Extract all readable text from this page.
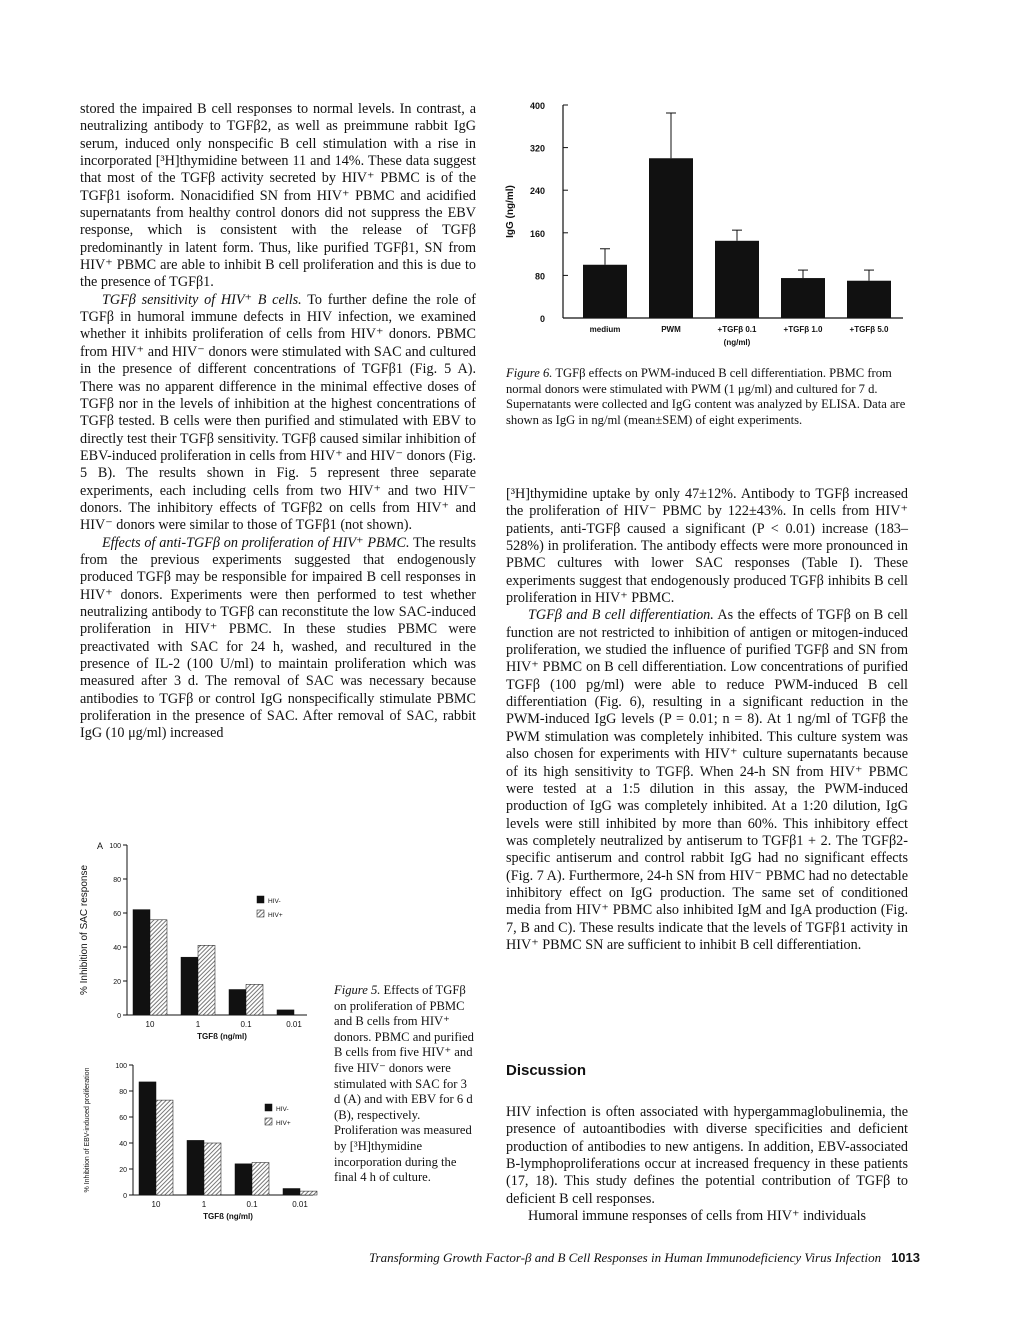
stored the impaired B cell responses to normal levels. In contrast, a neutralizing antibody to TGFβ2, as well as preimmune rabbit IgG serum, induced only nonspecific B cell stimulation with a rise in incorporated [³H]thymidine between 11 and 14%. These data suggest that most of the TGFβ activity secreted by HIV⁺ PBMC is of the TGFβ1 isoform. Nonacidified SN from HIV⁺ PBMC and acidified supernatants from healthy control donors did not suppress the EBV response, which is consistent with the release of TGFβ predominantly in latent form. Thus, like purified TGFβ1, SN from HIV⁺ PBMC are able to inhibit B cell proliferation and this is due to the presence of TGFβ1.

TGFβ sensitivity of HIV⁺ B cells. To further define the role of TGFβ in humoral immune defects in HIV infection, we examined whether it inhibits proliferation of cells from HIV⁺ donors. PBMC from HIV⁺ and HIV⁻ donors were stimulated with SAC and cultured in the presence of different concentrations of TGFβ1 (Fig. 5 A). There was no apparent difference in the minimal effective doses of TGFβ nor in the levels of inhibition at the highest concentrations of TGFβ tested. B cells were then purified and stimulated with EBV to directly test their TGFβ sensitivity. TGFβ caused similar inhibition of EBV-induced proliferation in cells from HIV⁺ and HIV⁻ donors (Fig. 5 B). The results shown in Fig. 5 represent three separate experiments, each including cells from two HIV⁺ and two HIV⁻ donors. The inhibitory effects of TGFβ2 on cells from HIV⁺ and HIV⁻ donors were similar to those of TGFβ1 (not shown).

Effects of anti-TGFβ on proliferation of HIV⁺ PBMC. The results from the previous experiments suggested that endogenously produced TGFβ may be responsible for impaired B cell responses in HIV⁺ donors. Experiments were then performed to test whether neutralizing antibody to TGFβ can reconstitute the low SAC-induced proliferation in HIV⁺ PBMC. In these studies PBMC were preactivated with SAC for 24 h, washed, and recultured in the presence of IL-2 (100 U/ml) to maintain proliferation which was measured after 3 d. The removal of SAC was necessary because antibodies to TGFβ or control IgG nonspecifically stimulate PBMC proliferation in the presence of SAC. After removal of SAC, rabbit IgG (10 μg/ml) increased

[³H]thymidine uptake by only 47±12%. Antibody to TGFβ increased the proliferation of HIV⁻ PBMC by 122±43%. In cells from HIV⁺ patients, anti-TGFβ caused a significant (P < 0.01) increase (183–528%) in proliferation. The antibody effects were more pronounced in PBMC cultures with lower SAC responses (Table I). These experiments suggest that endogenously produced TGFβ inhibits B cell proliferation in HIV⁺ PBMC.

TGFβ and B cell differentiation. As the effects of TGFβ on B cell function are not restricted to inhibition of antigen or mitogen-induced proliferation, we studied the influence of purified TGFβ and SN from HIV⁺ PBMC on B cell differentiation. Low concentrations of purified TGFβ (100 pg/ml) were able to reduce PWM-induced B cell differentiation (Fig. 6), resulting in a significant reduction in the PWM-induced IgG levels (P = 0.01; n = 8). At 1 ng/ml of TGFβ the PWM stimulation was completely inhibited. This culture system was also chosen for experiments with HIV⁺ culture supernatants because of its high sensitivity to TGFβ. When 24-h SN from HIV⁺ PBMC were tested at a 1:5 dilution in this assay, the PWM-induced production of IgG was completely inhibited. At a 1:20 dilution, IgG levels were still inhibited by more than 60%. This inhibitory effect was completely neutralized by antiserum to TGFβ1 + 2. The TGFβ2-specific antiserum and control rabbit IgG had no significant effects (Fig. 7 A). Furthermore, 24-h SN from HIV⁻ PBMC had no detectable inhibitory effect on IgG production. The same set of conditioned media from HIV⁺ PBMC also inhibited IgM and IgA production (Fig. 7, B and C). These results indicate that the levels of TGFβ1 activity in HIV⁺ PBMC SN are sufficient to inhibit B cell differentiation.

Discussion

HIV infection is often associated with hypergammaglobulinemia, the presence of autoantibodies with diverse specificities and deficient production of antibodies to new antigens. In addition, EBV-associated B-lymphoproliferations occur at increased frequency in these patients (17, 18). This study defines the potential contribution of TGFβ to deficient B cell responses.

Humoral immune responses of cells from HIV⁺ individuals

Figure 6. TGFβ effects on PWM-induced B cell differentiation. PBMC from normal donors were stimulated with PWM (1 μg/ml) and cultured for 7 d. Supernatants were collected and IgG content was analyzed by ELISA. Data are shown as IgG in ng/ml (mean±SEM) of eight experiments.
Figure 5. Effects of TGFβ on proliferation of PBMC and B cells from HIV⁺ donors. PBMC and purified B cells from five HIV⁺ and five HIV⁻ donors were stimulated with SAC for 3 d (A) and with EBV for 6 d (B), respectively. Proliferation was measured by [³H]thymidine incorporation during the final 4 h of culture.
Transforming Growth Factor-β and B Cell Responses in Human Immunodeficiency Virus Infection 1013
0
80
160
240
320
400
IgG (ng/ml)
medium	PWM	+TGFβ 0.1	+TGFβ 1.0	+TGFβ 5.0
(ng/ml)
0
20
40
60
80
100
% Inhibition of SAC response
A
10	1	0.1	0.01
TGFß (ng/ml)
HIV-
HIV+
0
20
40
60
80
100
% Inhibition of EBV-induced proliferation
10	1	0.1	0.01
TGFß (ng/ml)
HIV-
HIV+
